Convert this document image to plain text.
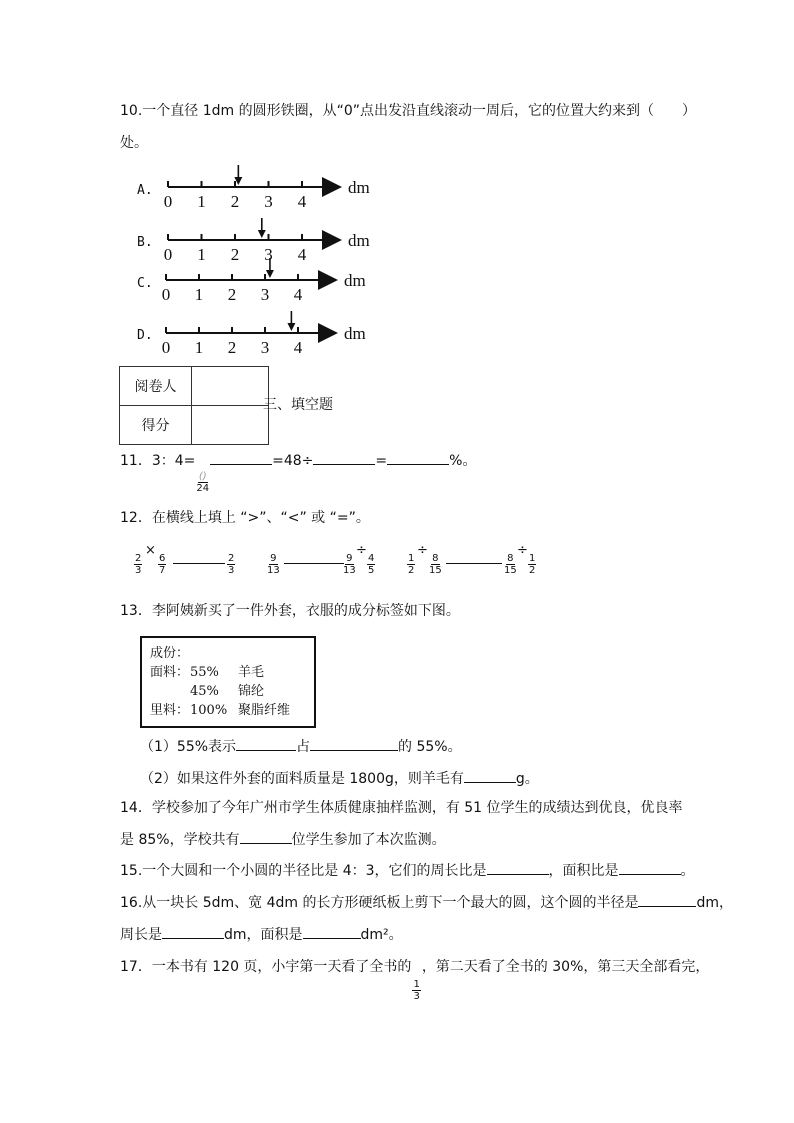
10.一个直径 1dm 的圆形铁圈，从“0”点出发沿直线滚动一周后，它的位置大约来到（　　）
处。
A.
B.
C.
D.
0 1 2 3 4
dm
0 1 2 3 4
dm
0 1 2 3 4
dm
0 1 2 3 4
dm
阅卷人	
得分	
三、填空题
11．3：4=
$\frac{()}{24}$
=48÷	=	%。
12．在横线上填上 “>”、“<” 或 “=”。
$\frac{2}{3}$
×
$\frac{6}{7}$	$\frac{2}{3}$	$\frac{9}{13}$	$\frac{9}{13}$
÷
$\frac{4}{5}$	$\frac{1}{2}$
÷
$\frac{8}{15}$	$\frac{8}{15}$
÷
$\frac{1}{2}$
13．李阿姨新买了一件外套，衣服的成分标签如下图。
成份：
面料： 55%	羊毛
45%	锦纶
里料： 100% 聚脂纤维
（1）55%表示	占	的 55%。
（2）如果这件外套的面料质量是 1800g，则羊毛有	g。
14．学校参加了今年广州市学生体质健康抽样监测，有 51 位学生的成绩达到优良，优良率
是 85%，学校共有	位学生参加了本次监测。
15.一个大圆和一个小圆的半径比是 4：3，它们的周长比是	，面积比是	。
16.从一块长 5dm、宽 4dm 的长方形硬纸板上剪下一个最大的圆，这个圆的半径是	dm，
周长是	dm，面积是	dm²。
17．一本书有 120 页，小宇第一天看了全书的
$\frac{1}{3}$
，第二天看了全书的 30%，第三天全部看完，
